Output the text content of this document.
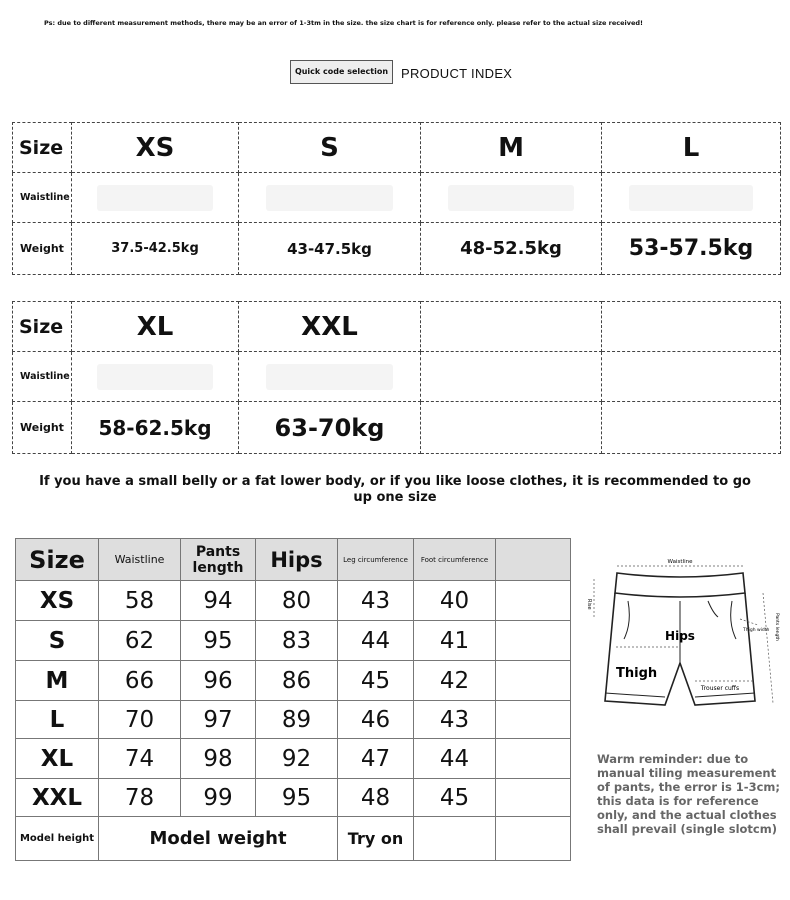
Ps: due to different measurement methods, there may be an error of 1-3tm in the size. the size chart is for reference only. please refer to the actual size received!
Quick code selection PRODUCT INDEX
Size	XS	S	M	L
Waistline	

Weight	37.5-42.5kg	43-47.5kg	48-52.5kg	53-57.5kg
Size	XL	XXL		
Waistline	

Weight	58-62.5kg	63-70kg		
If you have a small belly or a fat lower body, or if you like loose clothes, it is recommended to go up one size
Size	Waistline	Pants length	Hips	Leg circumference	Foot circumference	
XS	58	94	80	43	40	
S	62	95	83	44	41	
M	66	96	86	45	42	
L	70	97	89	46	43	
XL	74	98	92	47	44	
XXL	78	99	95	48	45	
Model height	Model weight			Try on		
Waistline
Rise
Hips
Thigh
Thigh width
Trouser cuffs
Pants length
Warm reminder: due to manual tiling measurement of pants, the error is 1-3cm; this data is for reference only, and the actual clothes shall prevail (single slotcm)
